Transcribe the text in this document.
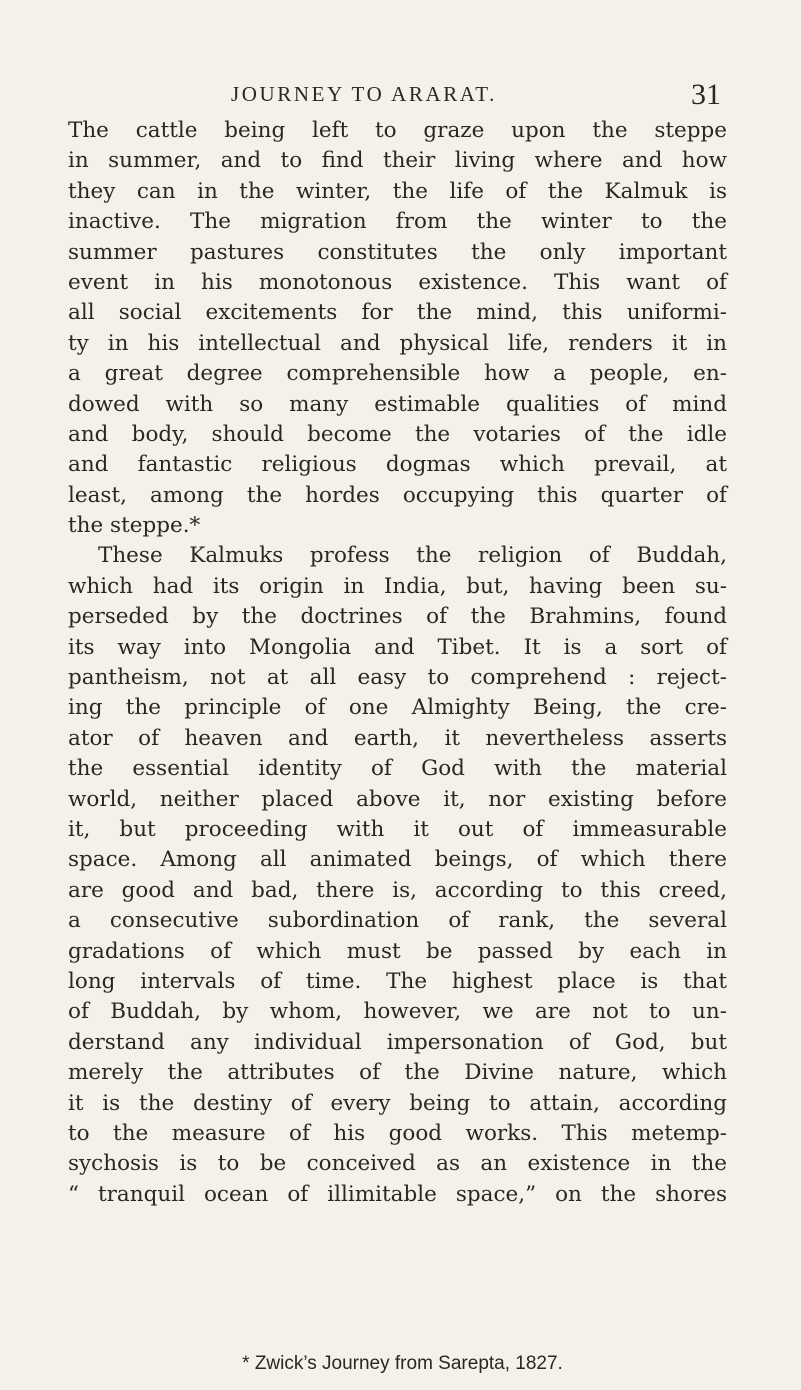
JOURNEY TO ARARAT.	31
The cattle being left to graze upon the steppe
in summer, and to find their living where and how
they can in the winter, the life of the Kalmuk is
inactive. The migration from the winter to the
summer pastures constitutes the only important
event in his monotonous existence. This want of
all social excitements for the mind, this uniformi-
ty in his intellectual and physical life, renders it in
a great degree comprehensible how a people, en-
dowed with so many estimable qualities of mind
and body, should become the votaries of the idle
and fantastic religious dogmas which prevail, at
least, among the hordes occupying this quarter of
the steppe.*
These Kalmuks profess the religion of Buddah,
which had its origin in India, but, having been su-
perseded by the doctrines of the Brahmins, found
its way into Mongolia and Tibet. It is a sort of
pantheism, not at all easy to comprehend : reject-
ing the principle of one Almighty Being, the cre-
ator of heaven and earth, it nevertheless asserts
the essential identity of God with the material
world, neither placed above it, nor existing before
it, but proceeding with it out of immeasurable
space. Among all animated beings, of which there
are good and bad, there is, according to this creed,
a consecutive subordination of rank, the several
gradations of which must be passed by each in
long intervals of time. The highest place is that
of Buddah, by whom, however, we are not to un-
derstand any individual impersonation of God, but
merely the attributes of the Divine nature, which
it is the destiny of every being to attain, according
to the measure of his good works. This metemp-
sychosis is to be conceived as an existence in the
“ tranquil ocean of illimitable space,” on the shores
* Zwick’s Journey from Sarepta, 1827.
